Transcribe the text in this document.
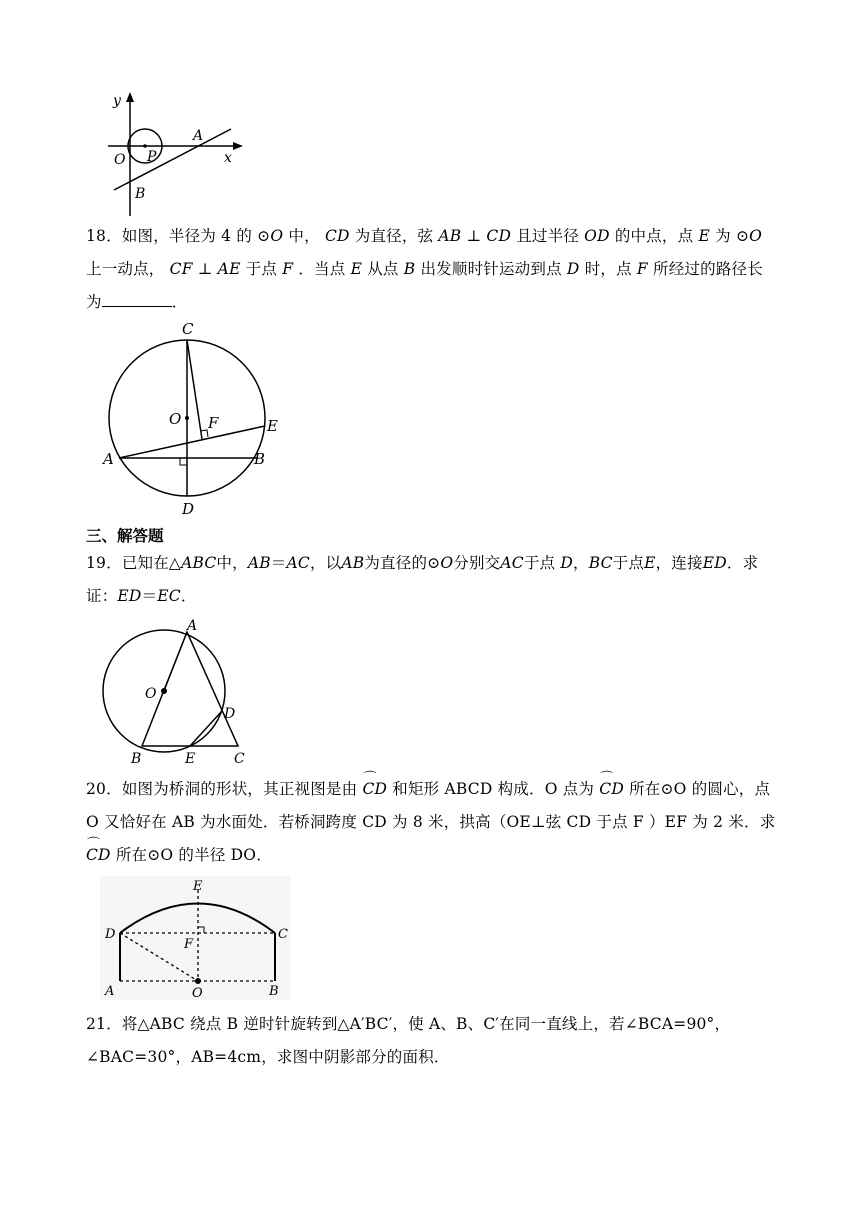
y
x
O P
A
B
18．如图，半径为 4 的 ⊙O 中， CD 为直径，弦 AB ⊥ CD 且过半径 OD 的中点，点 E 为 ⊙O上一动点， CF ⊥ AE 于点 F ．当点 E 从点 B 出发顺时针运动到点 D 时，点 F 所经过的路径长为	．
C
O F	E
A	B
D
三、解答题
19．已知在△ABC中，AB＝AC，以AB为直径的⊙O分别交AC于点 D，BC于点E，连接ED．求证：ED＝EC．
A
O
D
B	E	C
20．如图为桥洞的形状，其正视图是由 ⌒ CD 和矩形 ABCD 构成．O 点为 ⌒ CD 所在⊙O 的圆心，点 O 又恰好在 AB 为水面处．若桥洞跨度 CD 为 8 米，拱高（OE⊥弦 CD 于点 F ）EF 为 2 米．求 ⌒ CD 所在⊙O 的半径 DO．
E
D	C
F
A	O	B
21．将△ABC 绕点 B 逆时针旋转到△A′BC′，使 A、B、C′在同一直线上，若∠BCA=90°，∠BAC=30°，AB=4cm，求图中阴影部分的面积．
